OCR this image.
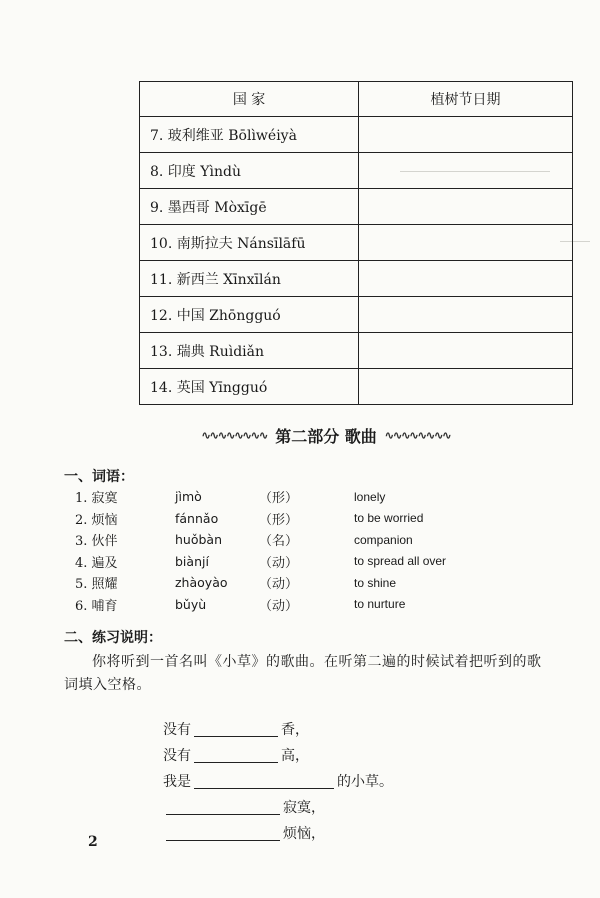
国 家	植树节日期
7. 玻利维亚 Bōlìwéiyà	
8. 印度 Yìndù	
9. 墨西哥 Mòxīgē	
10. 南斯拉夫 Nánsīlāfū	
11. 新西兰 Xīnxīlán	
12. 中国 Zhōngguó	
13. 瑞典 Ruìdiǎn	
14. 英国 Yīngguó	
∿∿∿∿∿∿∿∿ 第二部分 歌曲 ∿∿∿∿∿∿∿∿
一、词语：
1. 寂寞	jìmò	（形）	lonely
2. 烦恼	fánnǎo	（形）	to be worried
3. 伙伴	huǒbàn	（名）	companion
4. 遍及	biànjí	（动）	to spread all over
5. 照耀	zhàoyào	（动）	to shine
6. 哺育	bǔyù	（动）	to nurture
二、练习说明：
你将听到一首名叫《小草》的歌曲。在听第二遍的时候试着把听到的歌词填入空格。
没有	香，
没有	高，
我是	的小草。
寂寞，
烦恼，
2
